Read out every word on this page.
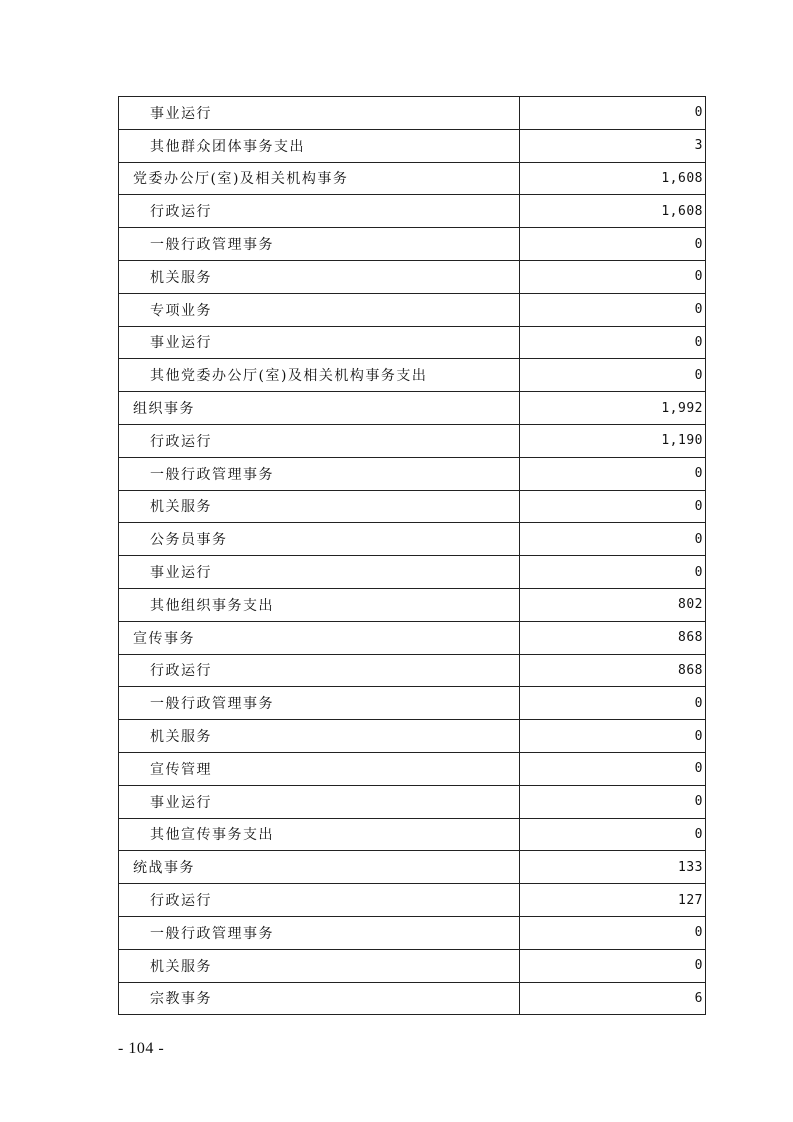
事业运行	0
其他群众团体事务支出	3
党委办公厅(室)及相关机构事务	1,608
行政运行	1,608
一般行政管理事务	0
机关服务	0
专项业务	0
事业运行	0
其他党委办公厅(室)及相关机构事务支出	0
组织事务	1,992
行政运行	1,190
一般行政管理事务	0
机关服务	0
公务员事务	0
事业运行	0
其他组织事务支出	802
宣传事务	868
行政运行	868
一般行政管理事务	0
机关服务	0
宣传管理	0
事业运行	0
其他宣传事务支出	0
统战事务	133
行政运行	127
一般行政管理事务	0
机关服务	0
宗教事务	6
- 104 -
